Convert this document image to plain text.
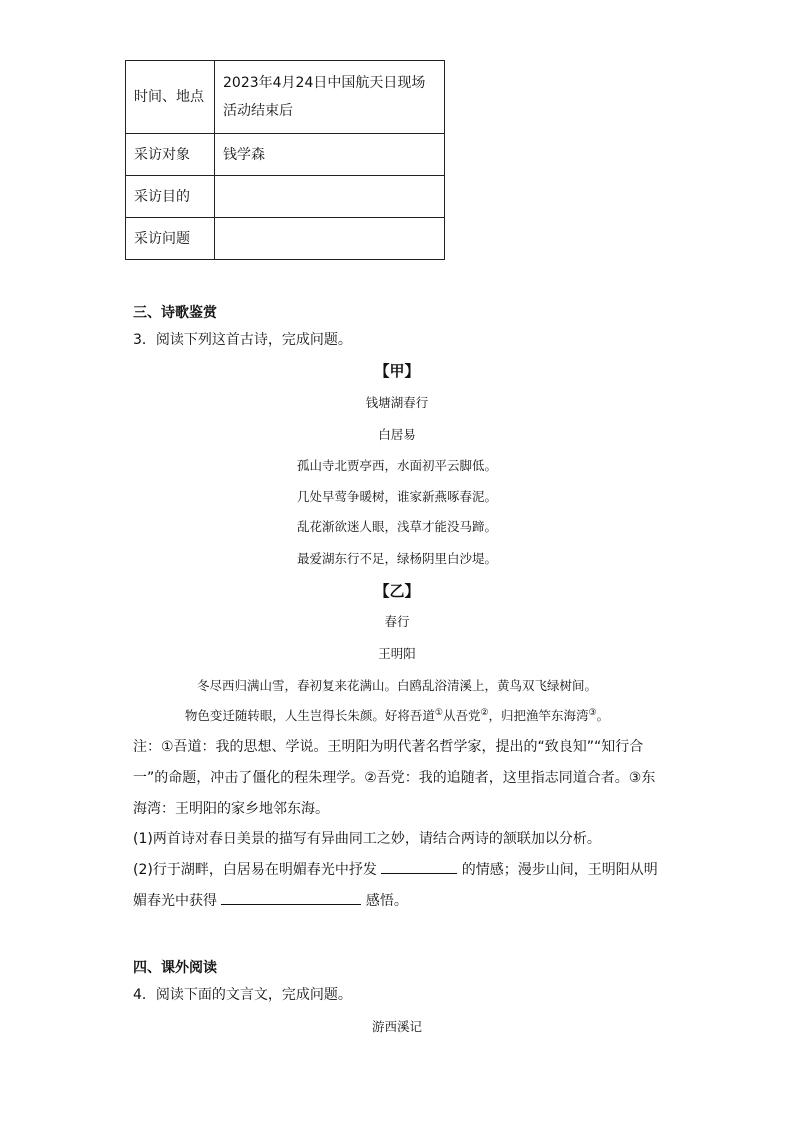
时间、地点	2023年4月24日中国航天日现场活动结束后
采访对象	钱学森
采访目的	
采访问题	
三、诗歌鉴赏
3．阅读下列这首古诗，完成问题。
【甲】
钱塘湖春行
白居易
孤山寺北贾亭西，水面初平云脚低。
几处早莺争暖树，谁家新燕啄春泥。
乱花渐欲迷人眼，浅草才能没马蹄。
最爱湖东行不足，绿杨阴里白沙堤。
【乙】
春行
王明阳
冬尽西归满山雪，春初复来花满山。白鸥乱浴清溪上，黄鸟双飞绿树间。
物色变迁随转眼，人生岂得长朱颜。好将吾道①从吾党②，归把渔竿东海湾③。
注：①吾道：我的思想、学说。王明阳为明代著名哲学家，提出的“致良知”“知行合一”的命题，冲击了僵化的程朱理学。②吾党：我的追随者，这里指志同道合者。③东海湾：王明阳的家乡地邻东海。
(1)两首诗对春日美景的描写有异曲同工之妙，请结合两诗的颔联加以分析。
(2)行于湖畔，白居易在明媚春光中抒发	的情感；漫步山间，王明阳从明媚春光中获得	感悟。
四、课外阅读
4．阅读下面的文言文，完成问题。
游西溪记
